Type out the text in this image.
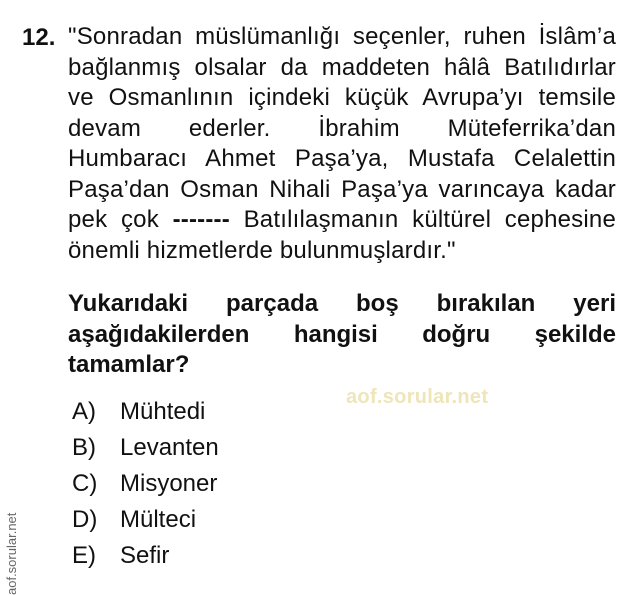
12. "Sonradan müslümanlığı seçenler, ruhen İslâm’a
bağlanmış olsalar da maddeten hâlâ Batılıdırlar
ve Osmanlının içindeki küçük Avrupa’yı temsile
devam ederler. İbrahim Müteferrika’dan
Humbaracı Ahmet Paşa’ya, Mustafa Celalettin
Paşa’dan Osman Nihali Paşa’ya varıncaya kadar
pek çok ------- Batılılaşmanın kültürel cephesine
önemli hizmetlerde bulunmuşlardır."
Yukarıdaki parçada boş bırakılan yeri
aşağıdakilerden hangisi doğru şekilde
tamamlar?
aof.sorular.net
aof.sorular.net
A)	Mühtedi
B)	Levanten
C) Misyoner
D) Mülteci
E)	Sefir
